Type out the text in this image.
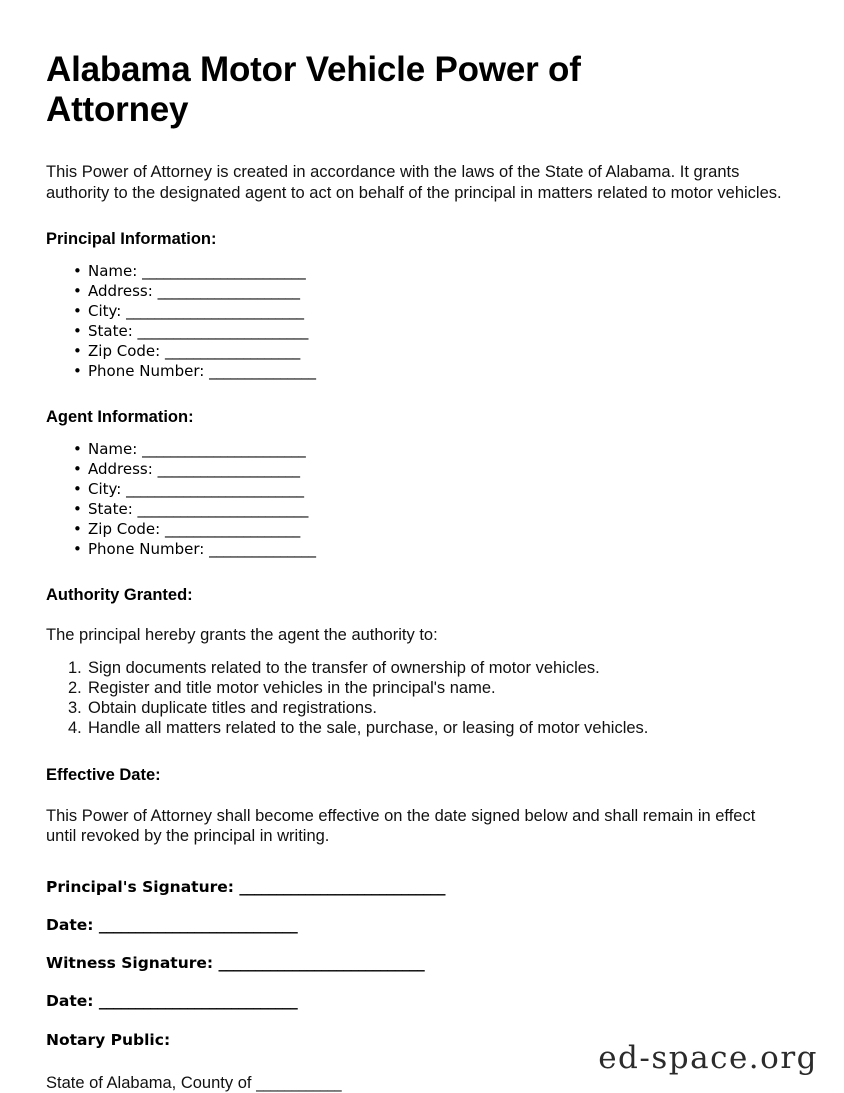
Alabama Motor Vehicle Power of Attorney

This Power of Attorney is created in accordance with the laws of the State of Alabama. It grants authority to the designated agent to act on behalf of the principal in matters related to motor vehicles.

Principal Information:
• Name: _______________________
• Address: ____________________
• City: _________________________
• State: ________________________
• Zip Code: ___________________
• Phone Number: _______________
Agent Information:
• Name: _______________________
• Address: ____________________
• City: _________________________
• State: ________________________
• Zip Code: ___________________
• Phone Number: _______________
Authority Granted:

The principal hereby grants the agent the authority to:

1. Sign documents related to the transfer of ownership of motor vehicles.
2. Register and title motor vehicles in the principal's name.
3. Obtain duplicate titles and registrations.
4. Handle all matters related to the sale, purchase, or leasing of motor vehicles.
Effective Date:

This Power of Attorney shall become effective on the date signed below and shall remain in effect until revoked by the principal in writing.

Principal's Signature: ____________________________
Date: ___________________________
Witness Signature: ____________________________
Date: ___________________________
Notary Public:
State of Alabama, County of ____________
ed-space.org
